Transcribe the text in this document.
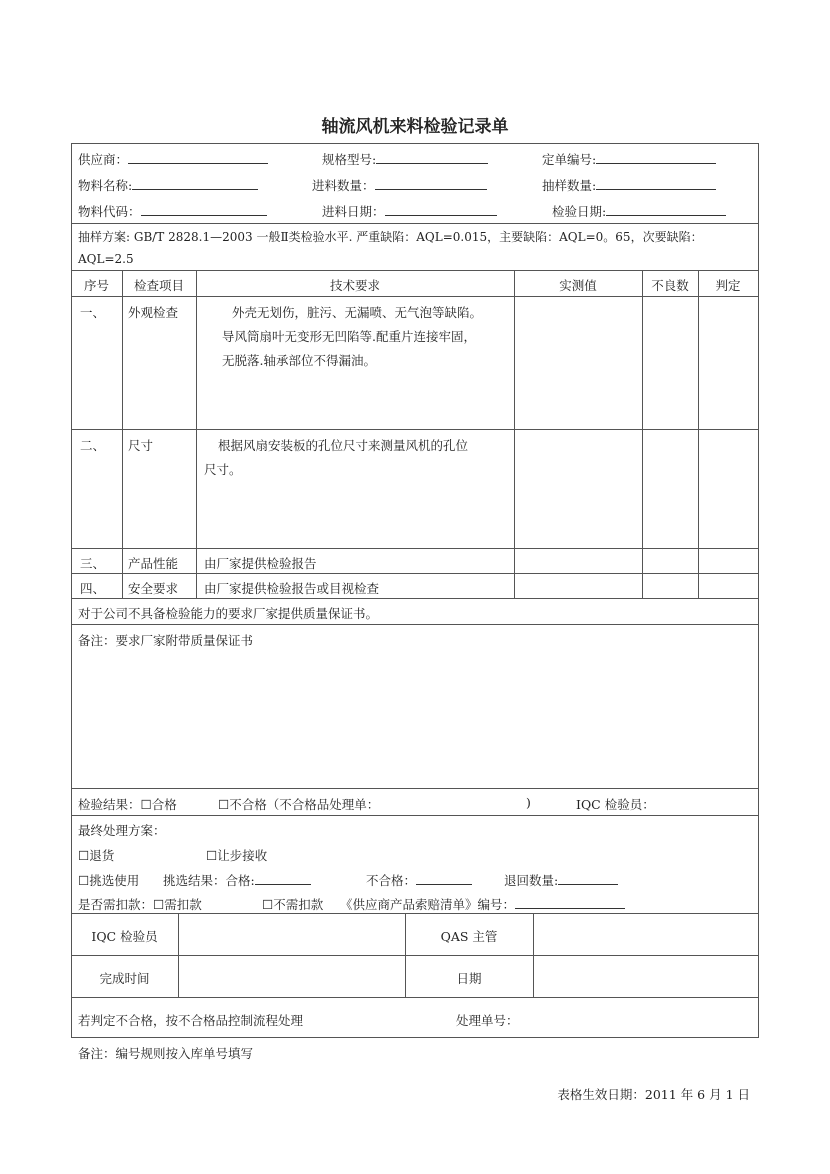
轴流风机来料检验记录单
供应商：	规格型号:	定单编号:
物料名称:	进料数量：	抽样数量:
物料代码：	进料日期：	检验日期:
抽样方案: GB/T 2828.1—2003 一般Ⅱ类检验水平. 严重缺陷：AQL=0.015，主要缺陷：AQL=0。65，次要缺陷：
AQL=2.5
序号	检查项目	技术要求	实测值	不良数	判定
一、 外观检查	外壳无划伤，脏污、无漏喷、无气泡等缺陷。
导风筒扇叶无变形无凹陷等.配重片连接牢固，
无脱落.轴承部位不得漏油。
二、 尺寸	根据风扇安装板的孔位尺寸来测量风机的孔位
尺寸。
三、 产品性能 由厂家提供检验报告
四、 安全要求 由厂家提供检验报告或目视检查
对于公司不具备检验能力的要求厂家提供质量保证书。
备注：要求厂家附带质量保证书
检验结果：☐合格	☐不合格（不合格品处理单：	)	IQC 检验员：
最终处理方案：
☐退货	☐让步接收
☐挑选使用 挑选结果：合格:	不合格：	退回数量:
是否需扣款：☐需扣款	☐不需扣款 《供应商产品索赔清单》编号：
IQC 检验员	QAS 主管
完成时间	日期
若判定不合格，按不合格品控制流程处理	处理单号：
备注：编号规则按入库单号填写
表格生效日期：2011 年 6 月 1 日
